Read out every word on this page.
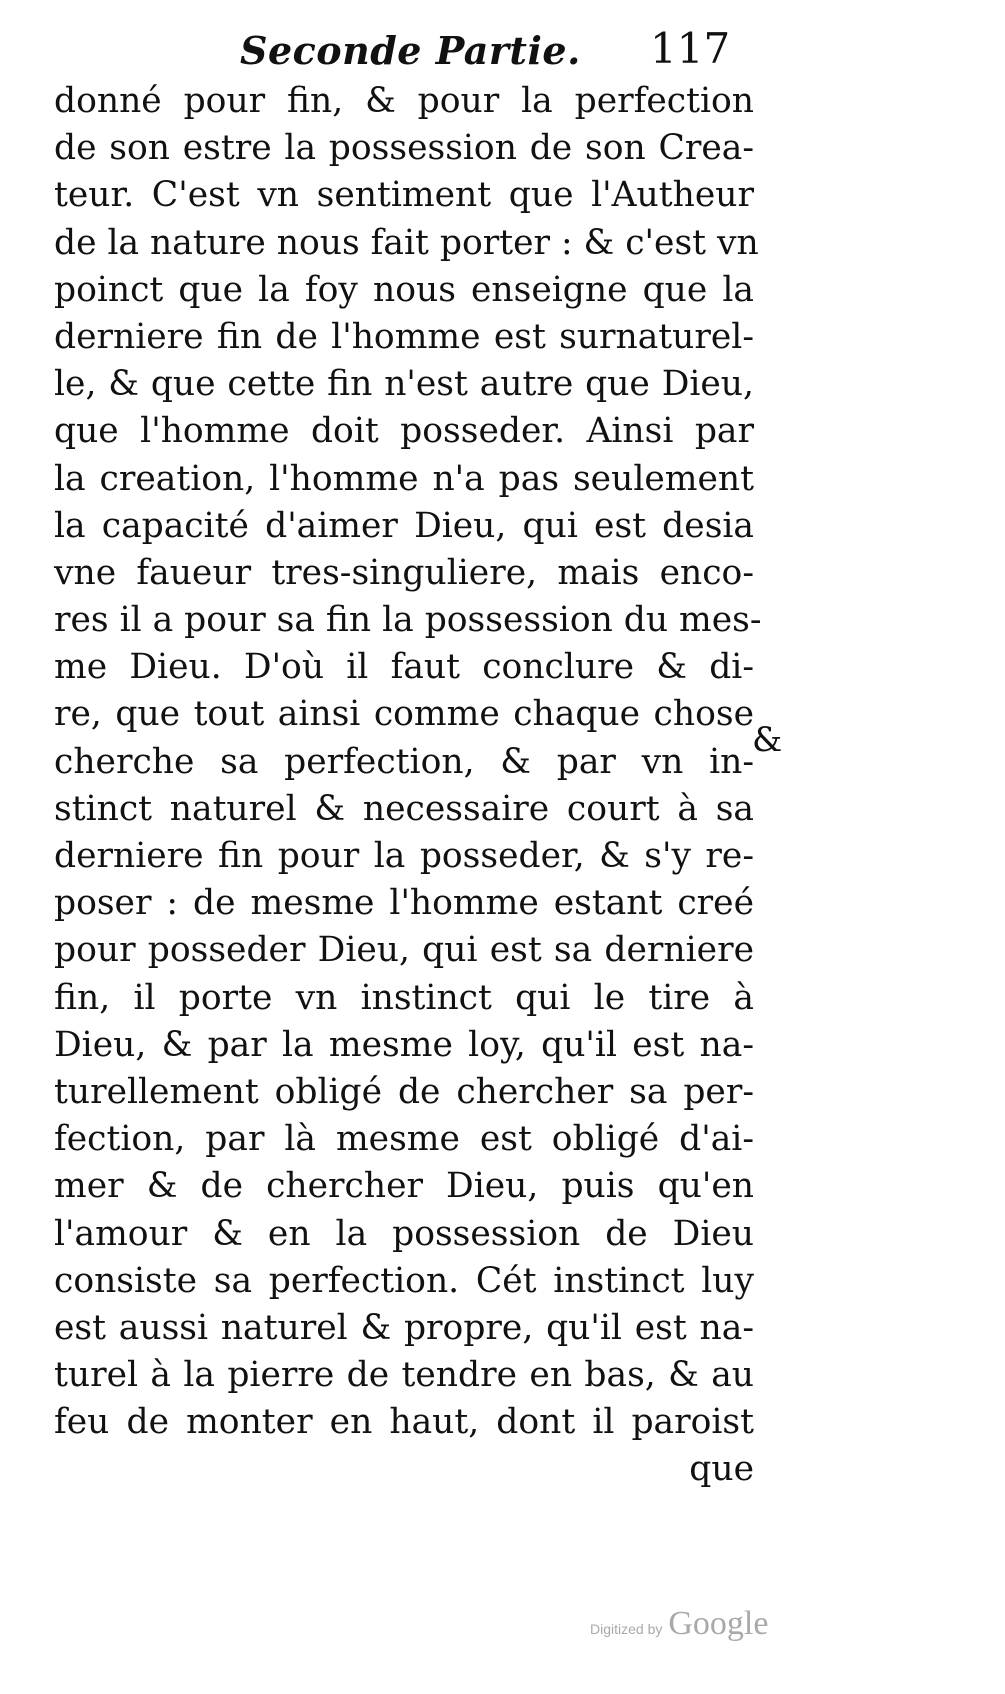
Seconde Partie. 117
donné pour fin, & pour la perfection
de son estre la possession de son Crea-
teur. C'est vn sentiment que l'Autheur
de la nature nous fait porter : & c'est vn
poinct que la foy nous enseigne que la
derniere fin de l'homme est surnaturel-
le, & que cette fin n'est autre que Dieu,
que l'homme doit posseder. Ainsi par
la creation, l'homme n'a pas seulement
la capacité d'aimer Dieu, qui est desia
vne faueur tres-singuliere, mais enco-
res il a pour sa fin la possession du mes-
me Dieu. D'où il faut conclure & di-
re, que tout ainsi comme chaque chose
cherche sa perfection, & par vn in-
stinct naturel & necessaire court à sa
derniere fin pour la posseder, & s'y re-
poser : de mesme l'homme estant creé
pour posseder Dieu, qui est sa derniere
fin, il porte vn instinct qui le tire à
Dieu, & par la mesme loy, qu'il est na-
turellement obligé de chercher sa per-
fection, par là mesme est obligé d'ai-
mer & de chercher Dieu, puis qu'en
l'amour & en la possession de Dieu
consiste sa perfection. Cét instinct luy
est aussi naturel & propre, qu'il est na-
turel à la pierre de tendre en bas, & au
feu de monter en haut, dont il paroist
que
&
Digitized by Google
